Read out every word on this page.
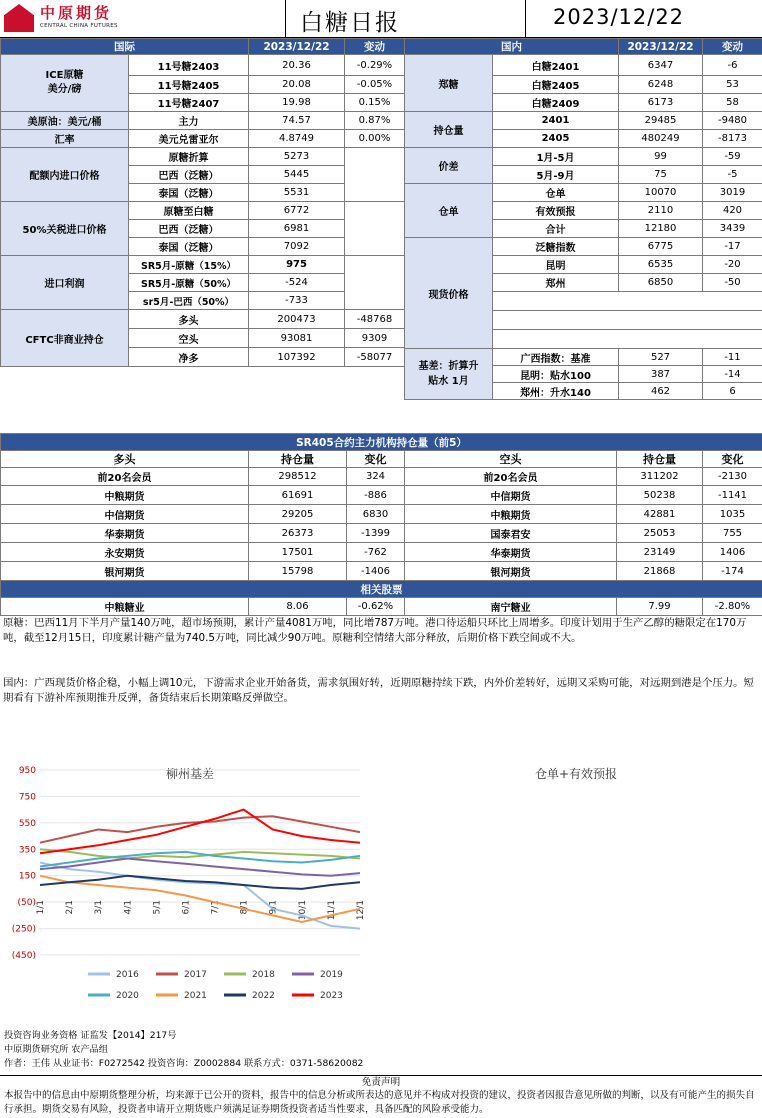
中原期货
CENTRAL CHINA FUTURES	白糖日报	2023/12/22
国际		2023/12/22	变动
ICE原糖
美分/磅	11号糖2403	20.36	-0.29%
	11号糖2405	20.08	-0.05%
	11号糖2407	19.98	0.15%
美原油：美元/桶	主力	74.57	0.87%
汇率	美元兑雷亚尔	4.8749	0.00%
配额内进口价格	原糖折算	5273	
	巴西（泛糖）	5445	
	泰国（泛糖）	5531	
50%关税进口价格	原糖至白糖	6772	
	巴西（泛糖）	6981	
	泰国（泛糖）	7092	
进口利润	SR5月-原糖（15%）	975	
	SR5月-原糖（50%）	-524	
	sr5月-巴西（50%）	-733	
CFTC非商业持仓	多头	200473	-48768
	空头	93081	9309
	净多	107392	-58077
国内		2023/12/22	变动
郑糖	白糖2401	6347	-6
	白糖2405	6248	53
	白糖2409	6173	58
持仓量	2401	29485	-9480
	2405	480249	-8173
价差	1月-5月	99	-59
	5月-9月	75	-5
仓单	仓单	10070	3019
	有效预报	2110	420
	合计	12180	3439
现货价格	泛糖指数	6775	-17
	昆明	6535	-20
	郑州	6850	-50

基差：折算升
贴水 1月	广西指数：基准	527	-11
	昆明：贴水100	387	-14
	郑州：升水140	462	6
SR405合约主力机构持仓量（前5）					
多头	持仓量	变化	空头	持仓量	变化
前20名会员	298512	324	前20名会员	311202	-2130
中粮期货	61691	-886	中信期货	50238	-1141
中信期货	29205	6830	中粮期货	42881	1035
华泰期货	26373	-1399	国泰君安	25053	755
永安期货	17501	-762	华泰期货	23149	1406
银河期货	15798	-1406	银河期货	21868	-174
相关股票					
中粮糖业	8.06	-0.62%	南宁糖业	7.99	-2.80%
原糖：巴西11月下半月产量140万吨，超市场预期，累计产量4081万吨，同比增787万吨。港口待运船只环比上周增多。印度计划用于生产乙醇的糖限定在170万吨，截至12月15日，印度累计糖产量为740.5万吨，同比减少90万吨。原糖利空情绪大部分释放，后期价格下跌空间或不大。
国内：广西现货价格企稳，小幅上调10元，下游需求企业开始备货，需求氛围好转，近期原糖持续下跌，内外价差转好，远期又采购可能，对远期到港是个压力。短期看有下游补库预期推升反弹，备货结束后长期策略反弹做空。
柳州基差
950
750
550
350
150
(50)
(250)
(450)
1/1 2/1 3/1 4/1 5/1 6/1 7/1 8/1 9/1 10/1 11/1 12/1
2016	2017	2018	2019
2020	2021	2022	2023
仓单+有效预报
投资咨询业务资格 证监发【2014】217号
中原期货研究所 农产品组
作者：王伟 从业证书：F0272542 投资咨询：Z0002884 联系方式：0371-58620082
免责声明
本报告中的信息由中原期货整理分析，均来源于已公开的资料，报告中的信息分析或所表达的意见并不构成对投资的建议，投资者因报告意见所做的判断，以及有可能产生的损失自行承担。期货交易有风险，投资者申请开立期货账户须满足证券期货投资者适当性要求，具备匹配的风险承受能力。
